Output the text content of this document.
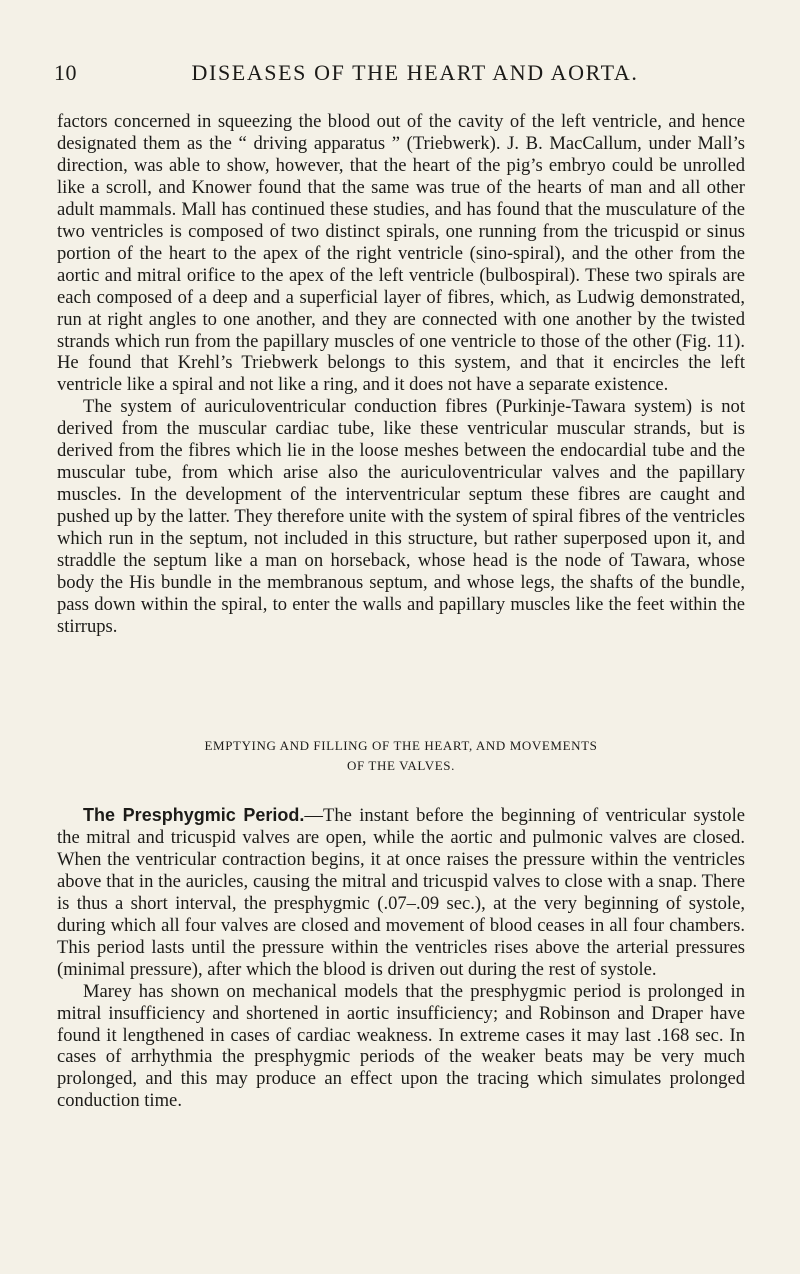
10	DISEASES OF THE HEART AND AORTA.

factors concerned in squeezing the blood out of the cavity of the left ventricle, and hence designated them as the “ driving apparatus ” (Triebwerk). J. B. MacCallum, under Mall’s direction, was able to show, however, that the heart of the pig’s embryo could be unrolled like a scroll, and Knower found that the same was true of the hearts of man and all other adult mammals. Mall has continued these studies, and has found that the musculature of the two ventricles is composed of two distinct spirals, one running from the tricuspid or sinus portion of the heart to the apex of the right ventricle (sino-spiral), and the other from the aortic and mitral orifice to the apex of the left ventricle (bulbospiral). These two spirals are each composed of a deep and a superficial layer of fibres, which, as Ludwig demonstrated, run at right angles to one another, and they are connected with one another by the twisted strands which run from the papillary muscles of one ventricle to those of the other (Fig. 11). He found that Krehl’s Triebwerk belongs to this system, and that it encircles the left ventricle like a spiral and not like a ring, and it does not have a separate existence.

The system of auriculoventricular conduction fibres (Purkinje-Tawara system) is not derived from the muscular cardiac tube, like these ventricular muscular strands, but is derived from the fibres which lie in the loose meshes between the endocardial tube and the muscular tube, from which arise also the auriculoventricular valves and the papillary muscles. In the development of the interventricular septum these fibres are caught and pushed up by the latter. They therefore unite with the system of spiral fibres of the ventricles which run in the septum, not included in this structure, but rather superposed upon it, and straddle the septum like a man on horseback, whose head is the node of Tawara, whose body the His bundle in the membranous septum, and whose legs, the shafts of the bundle, pass down within the spiral, to enter the walls and papillary muscles like the feet within the stirrups.

EMPTYING AND FILLING OF THE HEART, AND MOVEMENTS
OF THE VALVES.

The Presphygmic Period.—The instant before the beginning of ventricular systole the mitral and tricuspid valves are open, while the aortic and pulmonic valves are closed. When the ventricular contraction begins, it at once raises the pressure within the ventricles above that in the auricles, causing the mitral and tricuspid valves to close with a snap. There is thus a short interval, the presphygmic (.07–.09 sec.), at the very beginning of systole, during which all four valves are closed and movement of blood ceases in all four chambers. This period lasts until the pressure within the ventricles rises above the arterial pressures (minimal pressure), after which the blood is driven out during the rest of systole.

Marey has shown on mechanical models that the presphygmic period is prolonged in mitral insufficiency and shortened in aortic insufficiency; and Robinson and Draper have found it lengthened in cases of cardiac weakness. In extreme cases it may last .168 sec. In cases of arrhythmia the presphygmic periods of the weaker beats may be very much prolonged, and this may produce an effect upon the tracing which simulates prolonged conduction time.
